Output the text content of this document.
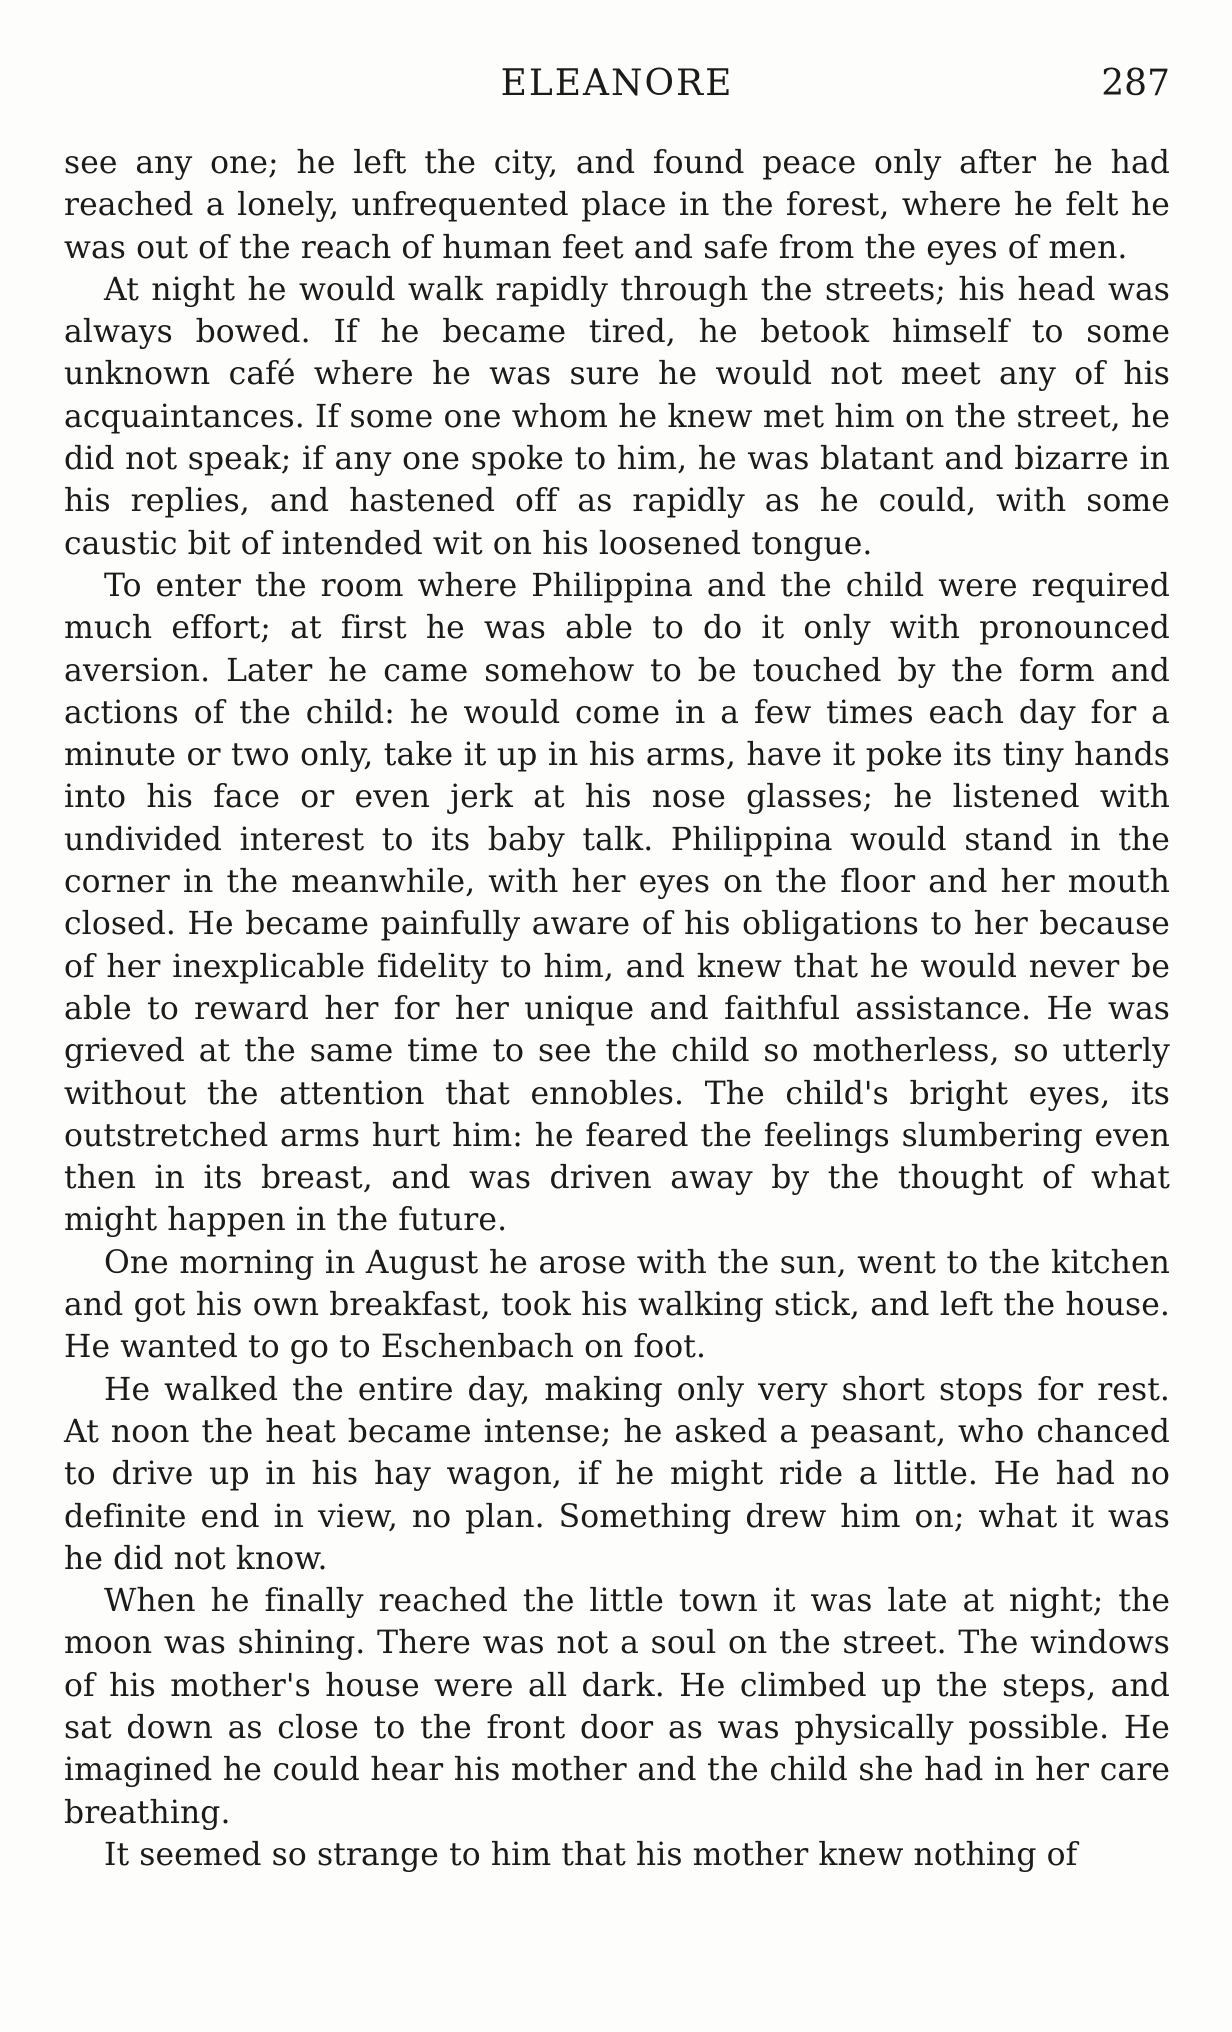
ELEANORE	287

see any one; he left the city, and found peace only after he had reached a lonely, unfrequented place in the forest, where he felt he was out of the reach of human feet and safe from the eyes of men.

At night he would walk rapidly through the streets; his head was always bowed. If he became tired, he betook himself to some unknown café where he was sure he would not meet any of his acquaintances. If some one whom he knew met him on the street, he did not speak; if any one spoke to him, he was blatant and bizarre in his replies, and hastened off as rapidly as he could, with some caustic bit of intended wit on his loosened tongue.

To enter the room where Philippina and the child were required much effort; at first he was able to do it only with pronounced aversion. Later he came somehow to be touched by the form and actions of the child: he would come in a few times each day for a minute or two only, take it up in his arms, have it poke its tiny hands into his face or even jerk at his nose glasses; he listened with undivided interest to its baby talk. Philippina would stand in the corner in the meanwhile, with her eyes on the floor and her mouth closed. He became painfully aware of his obligations to her because of her inexplicable fidelity to him, and knew that he would never be able to reward her for her unique and faithful assistance. He was grieved at the same time to see the child so motherless, so utterly without the attention that ennobles. The child's bright eyes, its outstretched arms hurt him: he feared the feelings slumbering even then in its breast, and was driven away by the thought of what might happen in the future.

One morning in August he arose with the sun, went to the kitchen and got his own breakfast, took his walking stick, and left the house. He wanted to go to Eschenbach on foot.

He walked the entire day, making only very short stops for rest. At noon the heat became intense; he asked a peasant, who chanced to drive up in his hay wagon, if he might ride a little. He had no definite end in view, no plan. Something drew him on; what it was he did not know.

When he finally reached the little town it was late at night; the moon was shining. There was not a soul on the street. The windows of his mother's house were all dark. He climbed up the steps, and sat down as close to the front door as was physically possible. He imagined he could hear his mother and the child she had in her care breathing.

It seemed so strange to him that his mother knew nothing of
